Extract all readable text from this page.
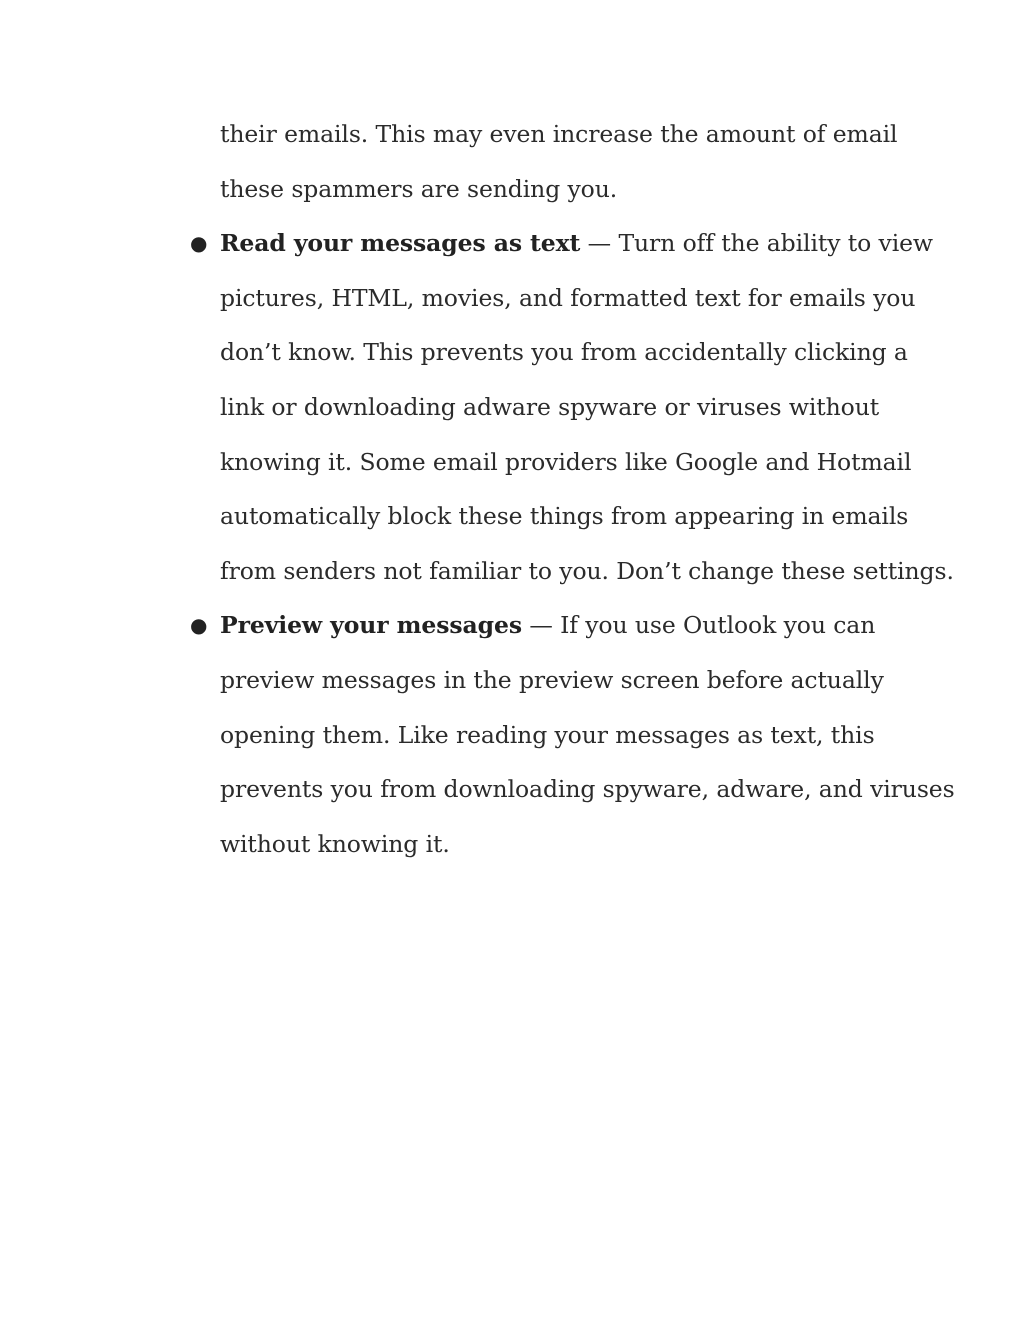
their emails. This may even increase the amount of email
these spammers are sending you.

●
Read your messages as text — Turn off the ability to view
pictures, HTML, movies, and formatted text for emails you
don’t know. This prevents you from accidentally clicking a
link or downloading adware spyware or viruses without
knowing it. Some email providers like Google and Hotmail
automatically block these things from appearing in emails
from senders not familiar to you. Don’t change these settings.
●
Preview your messages — If you use Outlook you can
preview messages in the preview screen before actually
opening them. Like reading your messages as text, this
prevents you from downloading spyware, adware, and viruses
without knowing it.
